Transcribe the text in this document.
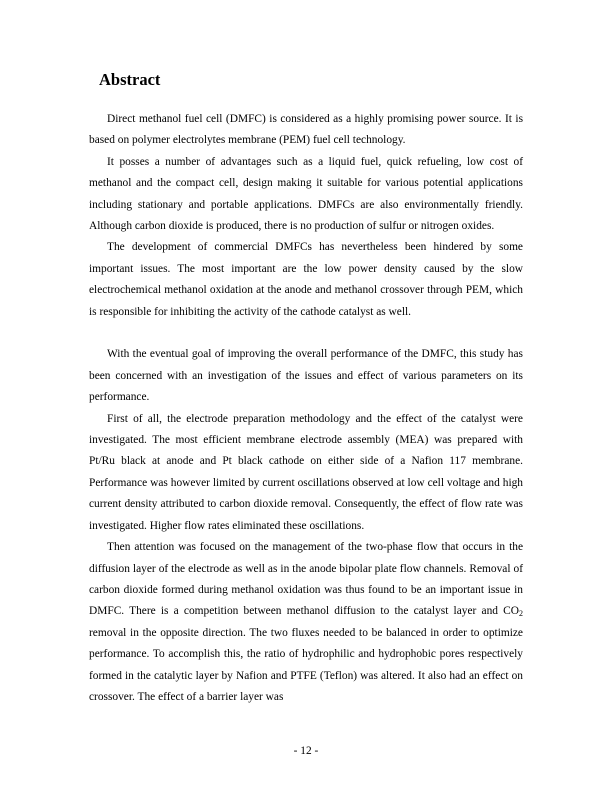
Abstract

Direct methanol fuel cell (DMFC) is considered as a highly promising power source. It is based on polymer electrolytes membrane (PEM) fuel cell technology.

It posses a number of advantages such as a liquid fuel, quick refueling, low cost of methanol and the compact cell, design making it suitable for various potential applications including stationary and portable applications. DMFCs are also environmentally friendly. Although carbon dioxide is produced, there is no production of sulfur or nitrogen oxides.

The development of commercial DMFCs has nevertheless been hindered by some important issues. The most important are the low power density caused by the slow electrochemical methanol oxidation at the anode and methanol crossover through PEM, which is responsible for inhibiting the activity of the cathode catalyst as well.

With the eventual goal of improving the overall performance of the DMFC, this study has been concerned with an investigation of the issues and effect of various parameters on its performance.

First of all, the electrode preparation methodology and the effect of the catalyst were investigated. The most efficient membrane electrode assembly (MEA) was prepared with Pt/Ru black at anode and Pt black cathode on either side of a Nafion 117 membrane. Performance was however limited by current oscillations observed at low cell voltage and high current density attributed to carbon dioxide removal. Consequently, the effect of flow rate was investigated. Higher flow rates eliminated these oscillations.

Then attention was focused on the management of the two-phase flow that occurs in the diffusion layer of the electrode as well as in the anode bipolar plate flow channels. Removal of carbon dioxide formed during methanol oxidation was thus found to be an important issue in DMFC. There is a competition between methanol diffusion to the catalyst layer and $CO_2$ removal in the opposite direction. The two fluxes needed to be balanced in order to optimize performance. To accomplish this, the ratio of hydrophilic and hydrophobic pores respectively formed in the catalytic layer by Nafion and PTFE (Teflon) was altered. It also had an effect on crossover. The effect of a barrier layer was

- 12 -
